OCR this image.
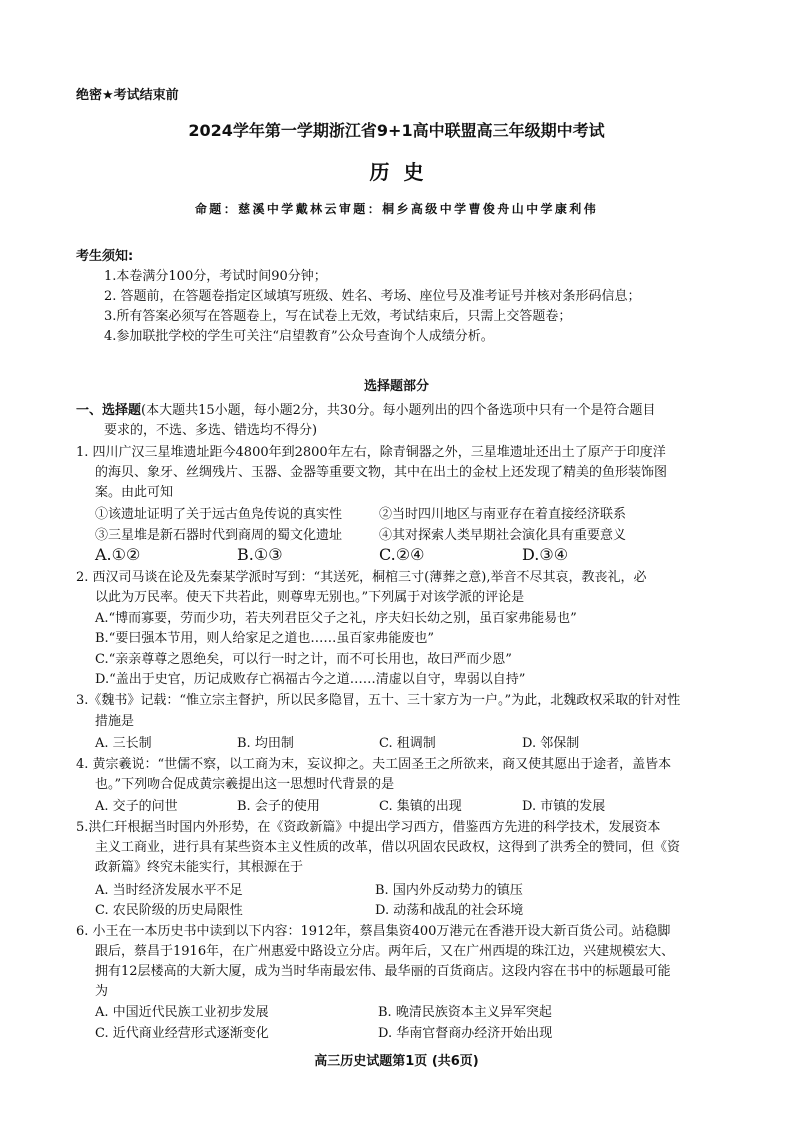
绝密★考试结束前
2024学年第一学期浙江省9+1高中联盟高三年级期中考试
历  史
命题：慈溪中学戴林云审题：桐乡高级中学曹俊舟山中学康利伟
考生须知:
1.本卷满分100分，考试时间90分钟；
2. 答题前，在答题卷指定区域填写班级、姓名、考场、座位号及准考证号并核对条形码信息；
3.所有答案必须写在答题卷上，写在试卷上无效，考试结束后，只需上交答题卷；
4.参加联批学校的学生可关注“启望教育”公众号查询个人成绩分析。
选择题部分
一、选择题(本大题共15小题，每小题2分，共30分。每小题列出的四个备选项中只有一个是符合题目
要求的，不选、多选、错选均不得分)
1. 四川广汉三星堆遗址距今4800年到2800年左右，除青铜器之外，三星堆遗址还出土了原产于印度洋
的海贝、象牙、丝绸残片、玉器、金器等重要文物，其中在出土的金杖上还发现了精美的鱼形装饰图
案。由此可知
①该遗址证明了关于远古鱼凫传说的真实性	②当时四川地区与南亚存在着直接经济联系
③三星堆是新石器时代到商周的蜀文化遗址	④其对探索人类早期社会演化具有重要意义
A.①②	B.①③	C.②④	D.③④
2. 西汉司马谈在论及先秦某学派时写到：“其送死，桐棺三寸(薄葬之意),举音不尽其哀，教丧礼，必
以此为万民率。使天下共若此，则尊卑无别也。”下列属于对该学派的评论是
A.“博而寡要，劳而少功，若夫列君臣父子之礼，序夫妇长幼之别，虽百家弗能易也”
B.“要曰强本节用，则人给家足之道也……虽百家弗能废也”
C.“亲亲尊尊之恩绝矣，可以行一时之计，而不可长用也，故曰严而少恩”
D.“盖出于史官，历记成败存亡祸福古今之道……清虚以自守，卑弱以自持”
3.《魏书》记载：“惟立宗主督护，所以民多隐冒，五十、三十家方为一户。”为此，北魏政权采取的针对性
措施是
A. 三长制	B. 均田制	C. 租调制	D. 邻保制
4. 黄宗羲说：“世儒不察，以工商为末，妄议抑之。夫工固圣王之所欲来，商又使其愿出于途者，盖皆本
也。”下列吻合促成黄宗羲提出这一思想时代背景的是
A. 交子的问世	B. 会子的使用	C. 集镇的出现	D. 市镇的发展
5.洪仁玕根据当时国内外形势，在《资政新篇》中提出学习西方，借鉴西方先进的科学技术，发展资本
主义工商业，进行具有某些资本主义性质的改革，借以巩固农民政权，这得到了洪秀全的赞同，但《资
政新篇》终究未能实行，其根源在于
A. 当时经济发展水平不足	B. 国内外反动势力的镇压
C. 农民阶级的历史局限性	D. 动荡和战乱的社会环境
6. 小王在一本历史书中读到以下内容：1912年，蔡昌集资400万港元在香港开设大新百货公司。站稳脚
跟后，蔡昌于1916年，在广州惠爱中路设立分店。两年后，又在广州西堤的珠江边，兴建规模宏大、
拥有12层楼高的大新大厦，成为当时华南最宏伟、最华丽的百货商店。这段内容在书中的标题最可能
为
A. 中国近代民族工业初步发展	B. 晚清民族资本主义异军突起
C. 近代商业经营形式逐渐变化	D. 华南官督商办经济开始出现
高三历史试题第1页 (共6页)
